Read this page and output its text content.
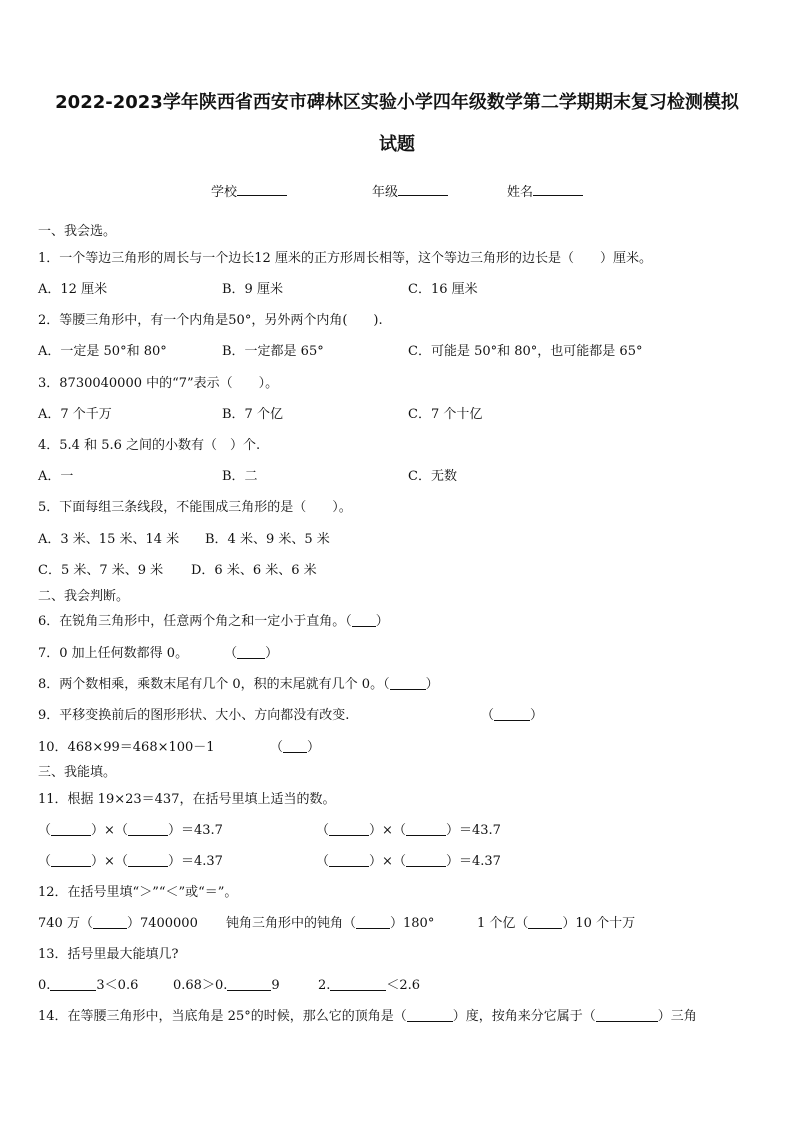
2022-2023学年陕西省西安市碑林区实验小学四年级数学第二学期期末复习检测模拟
试题
学校	年级	姓名
一、我会选。
1．一个等边三角形的周长与一个边长12 厘米的正方形周长相等，这个等边三角形的边长是（　　）厘米。
A．12 厘米	B．9 厘米	C．16 厘米
2．等腰三角形中，有一个内角是50°，另外两个内角(　　).
A．一定是 50°和 80°	B．一定都是 65°	C．可能是 50°和 80°，也可能都是 65°
3．8730040000 中的“7”表示（　　）。
A．7 个千万	B．7 个亿	C．7 个十亿
4．5.4 和 5.6 之间的小数有（　）个.
A．一	B．二	C．无数
5．下面每组三条线段，不能围成三角形的是（　　）。
A．3 米、15 米、14 米 B．4 米、9 米、5 米
C．5 米、7 米、9 米 D．6 米、6 米、6 米
二、我会判断。
6．在锐角三角形中，任意两个角之和一定小于直角。（ ）
7．0 加上任何数都得 0。	（ ）
8．两个数相乘，乘数末尾有几个 0，积的末尾就有几个 0。（	）
9．平移变换前后的图形形状、大小、方向都没有改变.	（	）
10．468×99＝468×100－1	（ ）
三、我能填。
11．根据 19×23＝437，在括号里填上适当的数。
（	）×（	）＝43.7	（	）×（	）＝43.7
（	）×（	）＝4.37	（	）×（	）＝4.37
12．在括号里填“＞”“＜”或“＝”。
740 万（	）7400000 钝角三角形中的钝角（	）180°	1 个亿（	）10 个十万
13．括号里最大能填几?
0.	3＜0.6	0.68＞0.	9	2.	＜2.6
14．在等腰三角形中，当底角是 25°的时候，那么它的顶角是（	）度，按角来分它属于（	）三角
